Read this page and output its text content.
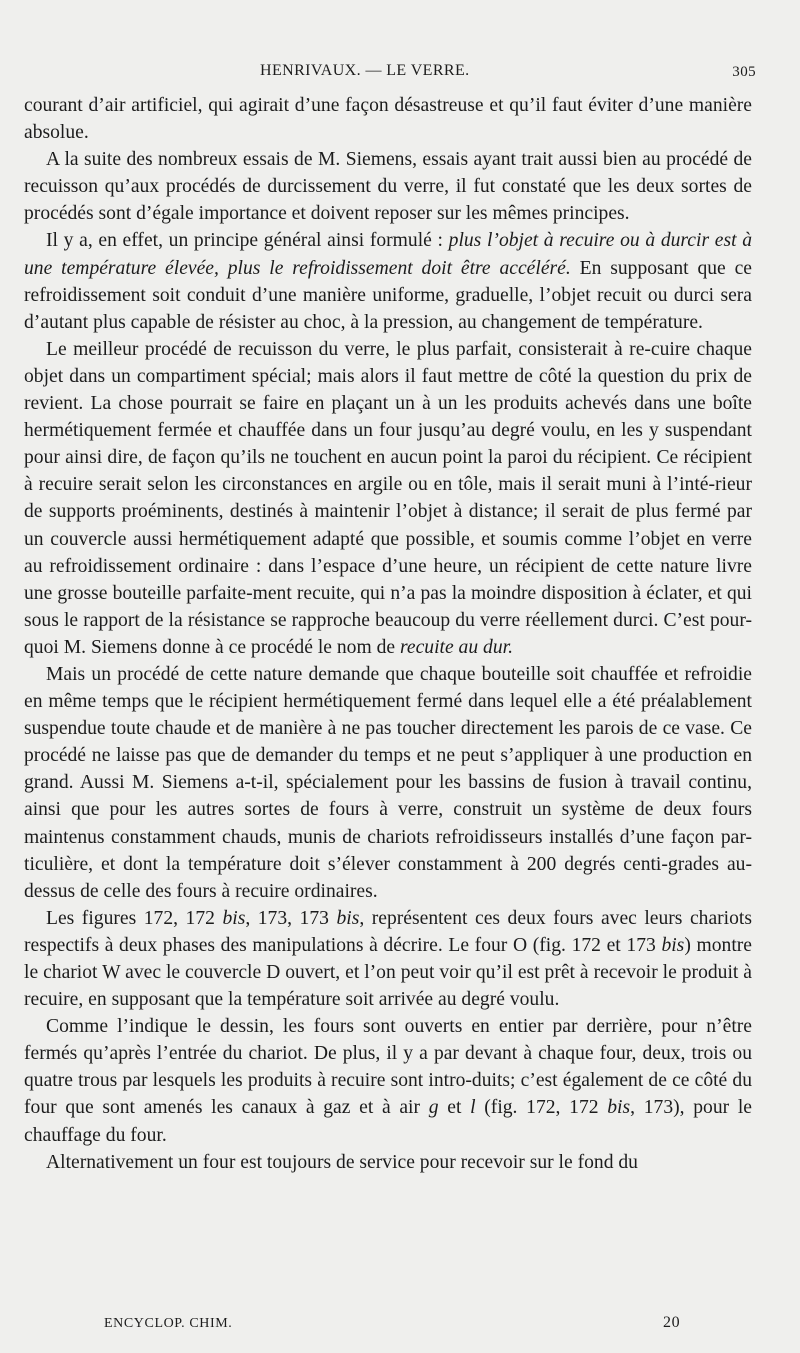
HENRIVAUX. — LE VERRE.	305

courant d’air artificiel, qui agirait d’une façon désastreuse et qu’il faut éviter d’une manière absolue.

A la suite des nombreux essais de M. Siemens, essais ayant trait aussi bien au procédé de recuisson qu’aux procédés de durcissement du verre, il fut constaté que les deux sortes de procédés sont d’égale importance et doivent reposer sur les mêmes principes.

Il y a, en effet, un principe général ainsi formulé : plus l’objet à recuire ou à durcir est à une température élevée, plus le refroidissement doit être accéléré. En supposant que ce refroidissement soit conduit d’une manière uniforme, graduelle, l’objet recuit ou durci sera d’autant plus capable de résister au choc, à la pression, au changement de température.

Le meilleur procédé de recuisson du verre, le plus parfait, consisterait à re-cuire chaque objet dans un compartiment spécial; mais alors il faut mettre de côté la question du prix de revient. La chose pourrait se faire en plaçant un à un les produits achevés dans une boîte hermétiquement fermée et chauffée dans un four jusqu’au degré voulu, en les y suspendant pour ainsi dire, de façon qu’ils ne touchent en aucun point la paroi du récipient. Ce récipient à recuire serait selon les circonstances en argile ou en tôle, mais il serait muni à l’inté-rieur de supports proéminents, destinés à maintenir l’objet à distance; il serait de plus fermé par un couvercle aussi hermétiquement adapté que possible, et soumis comme l’objet en verre au refroidissement ordinaire : dans l’espace d’une heure, un récipient de cette nature livre une grosse bouteille parfaite-ment recuite, qui n’a pas la moindre disposition à éclater, et qui sous le rapport de la résistance se rapproche beaucoup du verre réellement durci. C’est pour-quoi M. Siemens donne à ce procédé le nom de recuite au dur.

Mais un procédé de cette nature demande que chaque bouteille soit chauffée et refroidie en même temps que le récipient hermétiquement fermé dans lequel elle a été préalablement suspendue toute chaude et de manière à ne pas toucher directement les parois de ce vase. Ce procédé ne laisse pas que de demander du temps et ne peut s’appliquer à une production en grand. Aussi M. Siemens a-t-il, spécialement pour les bassins de fusion à travail continu, ainsi que pour les autres sortes de fours à verre, construit un système de deux fours maintenus constamment chauds, munis de chariots refroidisseurs installés d’une façon par-ticulière, et dont la température doit s’élever constamment à 200 degrés centi-grades au-dessus de celle des fours à recuire ordinaires.

Les figures 172, 172 bis, 173, 173 bis, représentent ces deux fours avec leurs chariots respectifs à deux phases des manipulations à décrire. Le four O (fig. 172 et 173 bis) montre le chariot W avec le couvercle D ouvert, et l’on peut voir qu’il est prêt à recevoir le produit à recuire, en supposant que la température soit arrivée au degré voulu.

Comme l’indique le dessin, les fours sont ouverts en entier par derrière, pour n’être fermés qu’après l’entrée du chariot. De plus, il y a par devant à chaque four, deux, trois ou quatre trous par lesquels les produits à recuire sont intro-duits; c’est également de ce côté du four que sont amenés les canaux à gaz et à air g et l (fig. 172, 172 bis, 173), pour le chauffage du four.

Alternativement un four est toujours de service pour recevoir sur le fond du

ENCYCLOP. CHIM.	20
